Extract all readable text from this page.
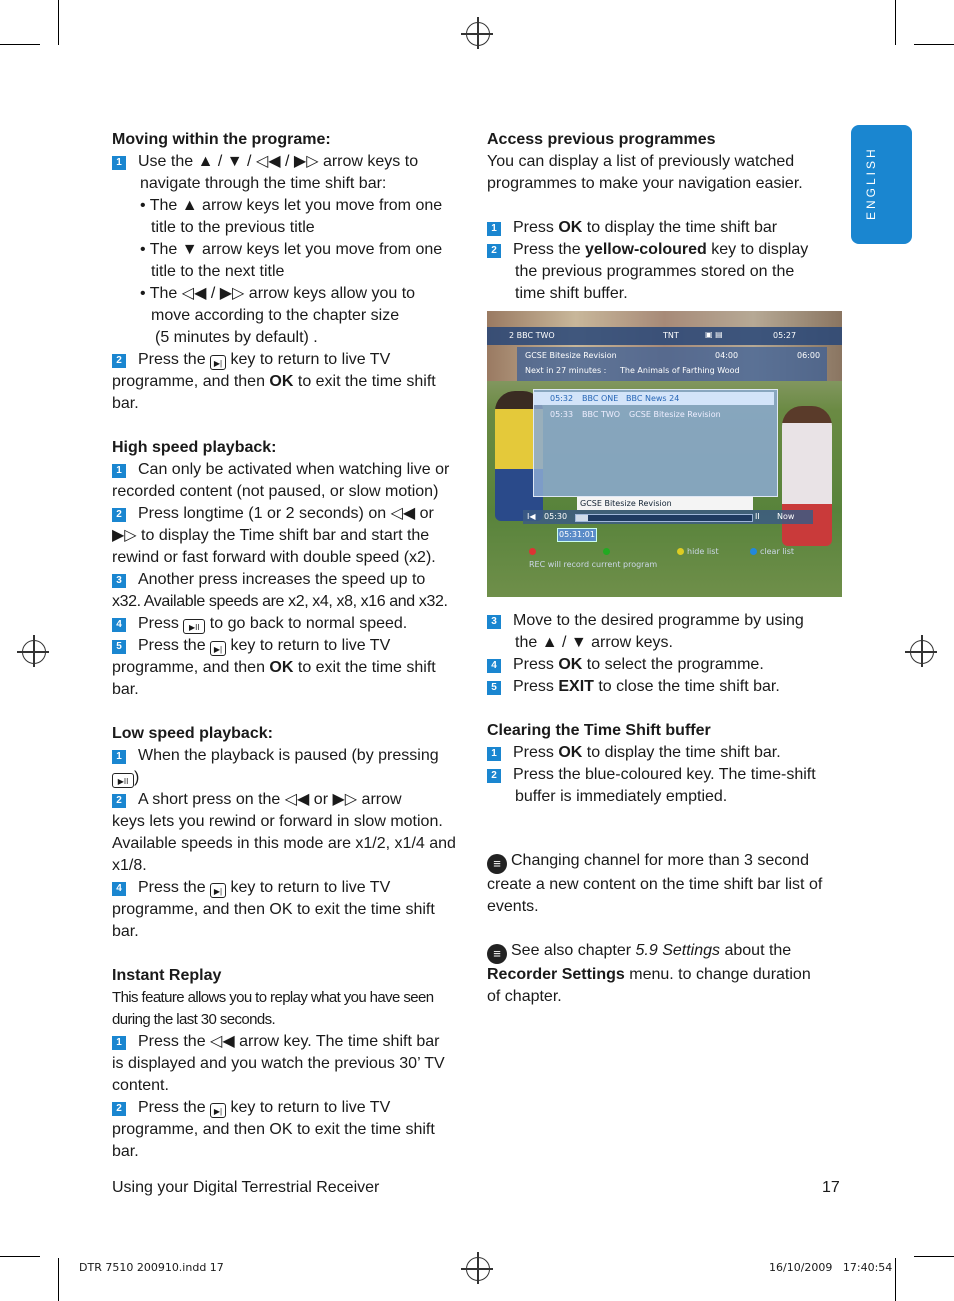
ENGLISH

Moving within the programe:

1 Use the ▲ / ▼ / ◁◀ / ▶▷ arrow keys to

navigate through the time shift bar:

• The ▲ arrow keys let you move from one

title to the previous title

• The ▼ arrow keys let you move from one

title to the next title

• The ◁◀ / ▶▷ arrow keys allow you to

move according to the chapter size

(5 minutes by default) .

2 Press the ▶| key to return to live TV

programme, and then OK to exit the time shift

bar.

High speed playback:

1 Can only be activated when watching live or

recorded content (not paused, or slow motion)

2 Press longtime (1 or 2 seconds) on ◁◀ or

▶▷ to display the Time shift bar and start the

rewind or fast forward with double speed (x2).

3 Another press increases the speed up to

x32. Available speeds are x2, x4, x8, x16 and x32.

4 Press ▶II to go back to normal speed.

5 Press the ▶| key to return to live TV

programme, and then OK to exit the time shift

bar.

Low speed playback:

1 When the playback is paused (by pressing

▶II )

2 A short press on the ◁◀ or ▶▷ arrow

keys lets you rewind or forward in slow motion.

Available speeds in this mode are x1/2, x1/4 and

x1/8.

4 Press the ▶| key to return to live TV

programme, and then OK to exit the time shift

bar.

Instant Replay

This feature allows you to replay what you have seen

during the last 30 seconds.

1 Press the ◁◀ arrow key. The time shift bar

is displayed and you watch the previous 30’ TV

content.

2 Press the ▶| key to return to live TV

programme, and then OK to exit the time shift

bar.

Access previous programmes

You can display a list of previously watched

programmes to make your navigation easier.

1 Press OK to display the time shift bar

2 Press the yellow-coloured key to display

the previous programmes stored on the

time shift buffer.

2 BBC TWO	TNT	▣ ▤	05:27
GCSE Bitesize Revision	04:00	06:00
Next in 27 minutes : The Animals of Farthing Wood
05:32 BBC ONE BBC News 24
05:33 BBC TWO GCSE Bitesize Revision
GCSE Bitesize Revision
I◀ 05:30	II Now
05:31:01
hide list	clear list
REC will record current program

3 Move to the desired programme by using

the ▲ / ▼ arrow keys.

4 Press OK to select the programme.

5 Press EXIT to close the time shift bar.

Clearing the Time Shift buffer

1 Press OK to display the time shift bar.

2 Press the blue-coloured key. The time-shift

buffer is immediately emptied.

≡ Changing channel for more than 3 second

create a new content on the time shift bar list of

events.

≡ See also chapter 5.9 Settings about the

Recorder Settings menu. to change duration

of chapter.

Using your Digital Terrestrial Receiver	17
DTR 7510 200910.indd 17	16/10/2009   17:40:54
